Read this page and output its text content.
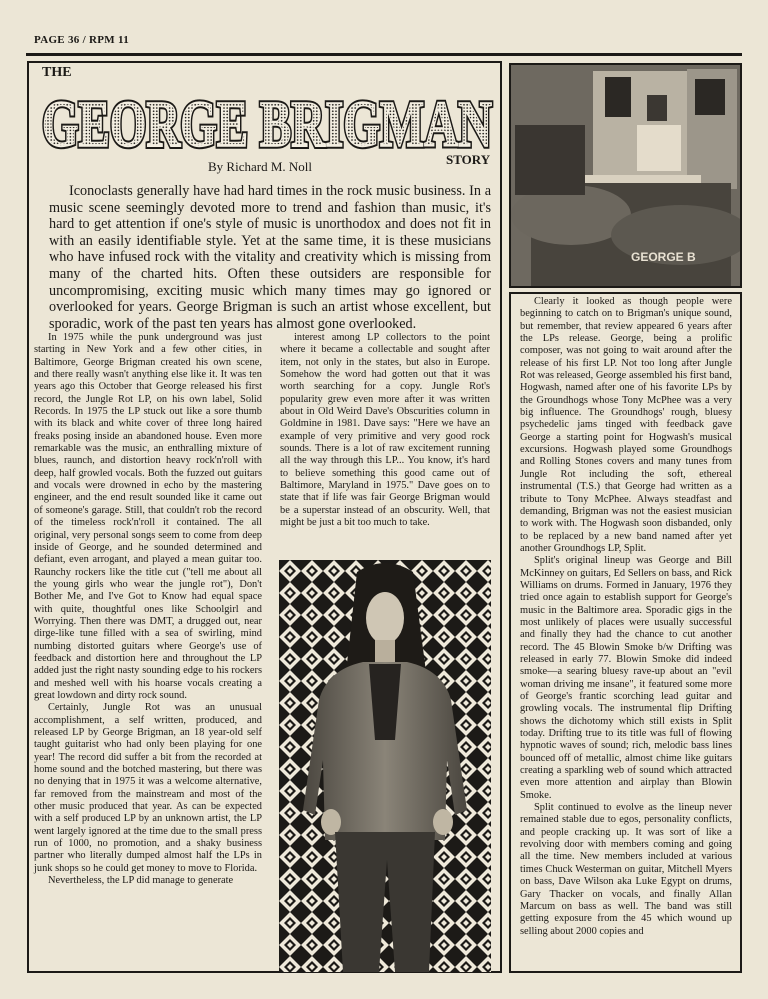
PAGE 36 / RPM 11
THE
GEORGE BRIGMAN
GEORGE BRIGMAN
STORY
By Richard M. Noll

Iconoclasts generally have had hard times in the rock music business. In a music scene seemingly devoted more to trend and fashion than music, it's hard to get attention if one's style of music is unorthodox and does not fit in with an easily identifiable style. Yet at the same time, it is these musicians who have infused rock with the vitality and creativity which is missing from many of the charted hits. Often these outsiders are responsible for uncompromising, exciting music which many times may go ignored or overlooked for years. George Brigman is such an artist whose excellent, but sporadic, work of the past ten years has almost gone overlooked.

In 1975 while the punk underground was just starting in New York and a few other cities, in Baltimore, George Brigman created his own scene, and there really wasn't anything else like it. It was ten years ago this October that George released his first record, the Jungle Rot LP, on his own label, Solid Records. In 1975 the LP stuck out like a sore thumb with its black and white cover of three long haired freaks posing inside an abandoned house. Even more remarkable was the music, an enthralling mixture of blues, raunch, and distortion heavy rock'n'roll with deep, half growled vocals. Both the fuzzed out guitars and vocals were drowned in echo by the mastering engineer, and the end result sounded like it came out of someone's garage. Still, that couldn't rob the record of the timeless rock'n'roll it contained. The all original, very personal songs seem to come from deep inside of George, and he sounded determined and defiant, even arrogant, and played a mean guitar too. Raunchy rockers like the title cut ("tell me about all the young girls who wear the jungle rot"), Don't Bother Me, and I've Got to Know had equal space with quite, thoughtful ones like Schoolgirl and Worrying. Then there was DMT, a drugged out, near dirge-like tune filled with a sea of swirling, mind numbing distorted guitars where George's use of feedback and distortion here and throughout the LP added just the right nasty sounding edge to his rockers and meshed well with his hoarse vocals creating a great lowdown and dirty rock sound.

Certainly, Jungle Rot was an unusual accomplishment, a self written, produced, and released LP by George Brigman, an 18 year-old self taught guitarist who had only been playing for one year! The record did suffer a bit from the recorded at home sound and the botched mastering, but there was no denying that in 1975 it was a welcome alternative, far removed from the mainstream and most of the other music produced that year. As can be expected with a self produced LP by an unknown artist, the LP went largely ignored at the time due to the small press run of 1000, no promotion, and a shaky business partner who literally dumped almost half the LPs in junk shops so he could get money to move to Florida.

Nevertheless, the LP did manage to generate

interest among LP collectors to the point where it became a collectable and sought after item, not only in the states, but also in Europe. Somehow the word had gotten out that it was worth searching for a copy. Jungle Rot's popularity grew even more after it was written about in Old Weird Dave's Obscurities column in Goldmine in 1981. Dave says: "Here we have an example of very primitive and very good rock sounds. There is a lot of raw excitement running all the way through this LP... You know, it's hard to believe something this good came out of Baltimore, Maryland in 1975." Dave goes on to state that if life was fair George Brigman would be a superstar instead of an obscurity. Well, that might be just a bit too much to take.

GEORGE B

Clearly it looked as though people were beginning to catch on to Brigman's unique sound, but remember, that review appeared 6 years after the LPs release. George, being a prolific composer, was not going to wait around after the release of his first LP. Not too long after Jungle Rot was released, George assembled his first band, Hogwash, named after one of his favorite LPs by the Groundhogs whose Tony McPhee was a very big influence. The Groundhogs' rough, bluesy psychedelic jams tinged with feedback gave George a starting point for Hogwash's musical excursions. Hogwash played some Groundhogs and Rolling Stones covers and many tunes from Jungle Rot including the soft, ethereal instrumental (T.S.) that George had written as a tribute to Tony McPhee. Always steadfast and demanding, Brigman was not the easiest musician to work with. The Hogwash soon disbanded, only to be replaced by a new band named after yet another Groundhogs LP, Split.

Split's original lineup was George and Bill McKinney on guitars, Ed Sellers on bass, and Rick Williams on drums. Formed in January, 1976 they tried once again to establish support for George's music in the Baltimore area. Sporadic gigs in the most unlikely of places were usually successful and finally they had the chance to cut another record. The 45 Blowin Smoke b/w Drifting was released in early 77. Blowin Smoke did indeed smoke—a searing bluesy rave-up about an "evil woman driving me insane", it featured some more of George's frantic scorching lead guitar and growling vocals. The instrumental flip Drifting shows the dichotomy which still exists in Split today. Drifting true to its title was full of flowing hypnotic waves of sound; rich, melodic bass lines bounced off of metallic, almost chime like guitars creating a sparkling web of sound which attracted even more attention and airplay than Blowin Smoke.

Split continued to evolve as the lineup never remained stable due to egos, personality conflicts, and people cracking up. It was sort of like a revolving door with members coming and going all the time. New members included at various times Chuck Westerman on guitar, Mitchell Myers on bass, Dave Wilson aka Luke Egypt on drums, Gary Thacker on vocals, and finally Allan Marcum on bass as well. The band was still getting exposure from the 45 which wound up selling about 2000 copies and
